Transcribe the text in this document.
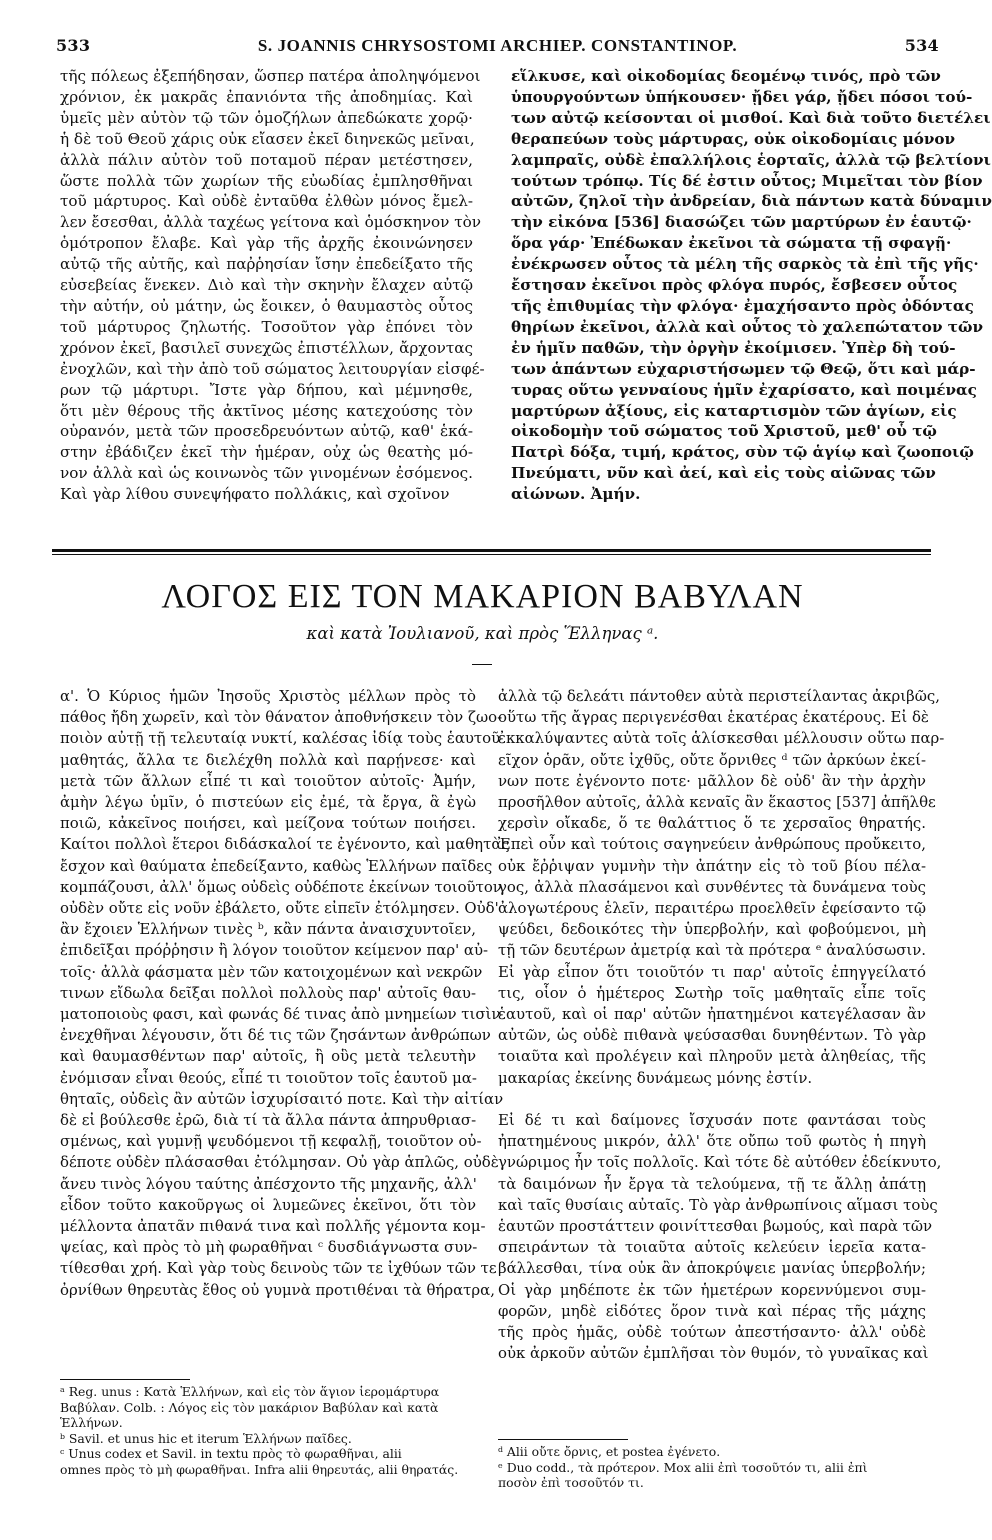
533	S. JOANNIS CHRYSOSTOMI ARCHIEP. CONSTANTINOP.	534
τῆς πόλεως ἐξεπήδησαν, ὥσπερ πατέρα ἀποληψόμενοι
χρόνιον, ἐκ μακρᾶς ἐπανιόντα τῆς ἀποδημίας. Καὶ
ὑμεῖς μὲν αὐτὸν τῷ τῶν ὁμοζήλων ἀπεδώκατε χορῷ·
ἡ δὲ τοῦ Θεοῦ χάρις οὐκ εἴασεν ἐκεῖ διηνεκῶς μεῖναι,
ἀλλὰ πάλιν αὐτὸν τοῦ ποταμοῦ πέραν μετέστησεν,
ὥστε πολλὰ τῶν χωρίων τῆς εὐωδίας ἐμπλησθῆναι
τοῦ μάρτυρος. Καὶ οὐδὲ ἐνταῦθα ἐλθὼν μόνος ἔμελ-
λεν ἔσεσθαι, ἀλλὰ ταχέως γείτονα καὶ ὁμόσκηνον τὸν
ὁμότροπον ἔλαβε. Καὶ γὰρ τῆς ἀρχῆς ἐκοινώνησεν
αὐτῷ τῆς αὐτῆς, καὶ παῤῥησίαν ἴσην ἐπεδείξατο τῆς
εὐσεβείας ἕνεκεν. Διὸ καὶ τὴν σκηνὴν ἔλαχεν αὐτῷ
τὴν αὐτήν, οὐ μάτην, ὡς ἔοικεν, ὁ θαυμαστὸς οὗτος
τοῦ μάρτυρος ζηλωτής. Τοσοῦτον γὰρ ἐπόνει τὸν
χρόνον ἐκεῖ, βασιλεῖ συνεχῶς ἐπιστέλλων, ἄρχοντας
ἐνοχλῶν, καὶ τὴν ἀπὸ τοῦ σώματος λειτουργίαν εἰσφέ-
ρων τῷ μάρτυρι. Ἴστε γὰρ δήπου, καὶ μέμνησθε,
ὅτι μὲν θέρους τῆς ἀκτῖνος μέσης κατεχούσης τὸν
οὐρανόν, μετὰ τῶν προσεδρευόντων αὐτῷ, καθ' ἑκά-
στην ἐβάδιζεν ἐκεῖ τὴν ἡμέραν, οὐχ ὡς θεατὴς μό-
νον ἀλλὰ καὶ ὡς κοινωνὸς τῶν γινομένων ἐσόμενος.
Καὶ γὰρ λίθου συνεψήφατο πολλάκις, καὶ σχοῖνον
εἵλκυσε, καὶ οἰκοδομίας δεομένῳ τινός, πρὸ τῶν
ὑπουργούντων ὑπήκουσεν· ᾔδει γάρ, ᾔδει πόσοι τού-
των αὐτῷ κείσονται οἱ μισθοί. Καὶ διὰ τοῦτο διετέλει
θεραπεύων τοὺς μάρτυρας, οὐκ οἰκοδομίαις μόνον
λαμπραῖς, οὐδὲ ἐπαλλήλοις ἑορταῖς, ἀλλὰ τῷ βελτίονι
τούτων τρόπῳ. Τίς δέ ἐστιν οὗτος; Μιμεῖται τὸν βίον
αὐτῶν, ζηλοῖ τὴν ἀνδρείαν, διὰ πάντων κατὰ δύναμιν
τὴν εἰκόνα [536] διασώζει τῶν μαρτύρων ἐν ἑαυτῷ·
ὅρα γάρ· Ἐπέδωκαν ἐκεῖνοι τὰ σώματα τῇ σφαγῇ·
ἐνέκρωσεν οὗτος τὰ μέλη τῆς σαρκὸς τὰ ἐπὶ τῆς γῆς·
ἔστησαν ἐκεῖνοι πρὸς φλόγα πυρός, ἔσβεσεν οὗτος
τῆς ἐπιθυμίας τὴν φλόγα· ἐμαχήσαντο πρὸς ὀδόντας
θηρίων ἐκεῖνοι, ἀλλὰ καὶ οὗτος τὸ χαλεπώτατον τῶν
ἐν ἡμῖν παθῶν, τὴν ὀργὴν ἐκοίμισεν. Ὑπὲρ δὴ τού-
των ἁπάντων εὐχαριστήσωμεν τῷ Θεῷ, ὅτι καὶ μάρ-
τυρας οὕτω γενναίους ἡμῖν ἐχαρίσατο, καὶ ποιμένας
μαρτύρων ἀξίους, εἰς καταρτισμὸν τῶν ἁγίων, εἰς
οἰκοδομὴν τοῦ σώματος τοῦ Χριστοῦ, μεθ' οὗ τῷ
Πατρὶ δόξα, τιμή, κράτος, σὺν τῷ ἁγίῳ καὶ ζωοποιῷ
Πνεύματι, νῦν καὶ ἀεί, καὶ εἰς τοὺς αἰῶνας τῶν
αἰώνων. Ἀμήν.
ΛΟΓΟΣ ΕΙΣ ΤΟΝ ΜΑΚΑΡΙΟΝ ΒΑΒΥΛΑΝ
καὶ κατὰ Ἰουλιανοῦ, καὶ πρὸς Ἕλληνας ᵃ.
α'. Ὁ Κύριος ἡμῶν Ἰησοῦς Χριστὸς μέλλων πρὸς τὸ
πάθος ἤδη χωρεῖν, καὶ τὸν θάνατον ἀποθνήσκειν τὸν ζωο-
ποιὸν αὐτῇ τῇ τελευταίᾳ νυκτί, καλέσας ἰδίᾳ τοὺς ἑαυτοῦ
μαθητάς, ἄλλα τε διελέχθη πολλὰ καὶ παρῄνεσε· καὶ
μετὰ τῶν ἄλλων εἶπέ τι καὶ τοιοῦτον αὐτοῖς· Ἀμήν,
ἀμὴν λέγω ὑμῖν, ὁ πιστεύων εἰς ἐμέ, τὰ ἔργα, ἃ ἐγὼ
ποιῶ, κἀκεῖνος ποιήσει, καὶ μείζονα τούτων ποιήσει.
Καίτοι πολλοὶ ἕτεροι διδάσκαλοί τε ἐγένοντο, καὶ μαθητὰς
ἔσχον καὶ θαύματα ἐπεδείξαντο, καθὼς Ἑλλήνων παῖδες
κομπάζουσι, ἀλλ' ὅμως οὐδεὶς οὐδέποτε ἐκείνων τοιοῦτον
οὐδὲν οὔτε εἰς νοῦν ἐβάλετο, οὔτε εἰπεῖν ἐτόλμησεν. Οὐδ'
ἂν ἔχοιεν Ἑλλήνων τινὲς ᵇ, κἂν πάντα ἀναισχυντοῖεν,
ἐπιδεῖξαι πρόῤῥησιν ἢ λόγον τοιοῦτον κείμενον παρ' αὐ-
τοῖς· ἀλλὰ φάσματα μὲν τῶν κατοιχομένων καὶ νεκρῶν
τινων εἴδωλα δεῖξαι πολλοὶ πολλοὺς παρ' αὐτοῖς θαυ-
ματοποιοὺς φασι, καὶ φωνάς δέ τινας ἀπὸ μνημείων τισὶν
ἐνεχθῆναι λέγουσιν, ὅτι δέ τις τῶν ζησάντων ἀνθρώπων
καὶ θαυμασθέντων παρ' αὐτοῖς, ἢ οὓς μετὰ τελευτὴν
ἐνόμισαν εἶναι θεούς, εἶπέ τι τοιοῦτον τοῖς ἑαυτοῦ μα-
θηταῖς, οὐδεὶς ἂν αὐτῶν ἰσχυρίσαιτό ποτε. Καὶ τὴν αἰτίαν
δὲ εἰ βούλεσθε ἐρῶ, διὰ τί τὰ ἄλλα πάντα ἀπηρυθριασ-
σμένως, καὶ γυμνῇ ψευδόμενοι τῇ κεφαλῇ, τοιοῦτον οὐ-
δέποτε οὐδὲν πλάσασθαι ἐτόλμησαν. Οὐ γὰρ ἁπλῶς, οὐδὲ
ἄνευ τινὸς λόγου ταύτης ἀπέσχοντο τῆς μηχανῆς, ἀλλ'
εἶδον τοῦτο κακοῦργως οἱ λυμεῶνες ἐκεῖνοι, ὅτι τὸν
μέλλοντα ἀπατᾶν πιθανά τινα καὶ πολλῆς γέμοντα κομ-
ψείας, καὶ πρὸς τὸ μὴ φωραθῆναι ᶜ δυσδιάγνωστα συν-
τίθεσθαι χρή. Καὶ γὰρ τοὺς δεινοὺς τῶν τε ἰχθύων τῶν τε
ὀρνίθων θηρευτὰς ἔθος οὐ γυμνὰ προτιθέναι τὰ θήρατρα,
ἀλλὰ τῷ δελεάτι πάντοθεν αὐτὰ περιστείλαντας ἀκριβῶς,
οὕτω τῆς ἄγρας περιγενέσθαι ἑκατέρας ἑκατέρους. Εἰ δὲ
ἐκκαλύψαντες αὐτὰ τοῖς ἁλίσκεσθαι μέλλουσιν οὕτω παρ-
εῖχον ὁρᾶν, οὔτε ἰχθῦς, οὔτε ὄρνιθες ᵈ τῶν ἀρκύων ἐκεί-
νων ποτε ἐγένοντο ποτε· μᾶλλον δὲ οὐδ' ἂν τὴν ἀρχὴν
προσῆλθον αὐτοῖς, ἀλλὰ κεναῖς ἂν ἕκαστος [537] ἀπῆλθε
χερσὶν οἴκαδε, ὅ τε θαλάττιος ὅ τε χερσαῖος θηρατής.
Ἐπεὶ οὖν καὶ τούτοις σαγηνεύειν ἀνθρώπους προὔκειτο,
οὐκ ἔῤῥιψαν γυμνὴν τὴν ἀπάτην εἰς τὸ τοῦ βίου πέλα-
γος, ἀλλὰ πλασάμενοι καὶ συνθέντες τὰ δυνάμενα τοὺς
ἀλογωτέρους ἑλεῖν, περαιτέρω προελθεῖν ἐφείσαντο τῷ
ψεύδει, δεδοικότες τὴν ὑπερβολήν, καὶ φοβούμενοι, μὴ
τῇ τῶν δευτέρων ἀμετρίᾳ καὶ τὰ πρότερα ᵉ ἀναλύσωσιν.
Εἰ γὰρ εἶπον ὅτι τοιοῦτόν τι παρ' αὐτοῖς ἐπηγγείλατό
τις, οἷον ὁ ἡμέτερος Σωτὴρ τοῖς μαθηταῖς εἶπε τοῖς
ἑαυτοῦ, καὶ οἱ παρ' αὐτῶν ἠπατημένοι κατεγέλασαν ἂν
αὐτῶν, ὡς οὐδὲ πιθανὰ ψεύσασθαι δυνηθέντων. Τὸ γὰρ
τοιαῦτα καὶ προλέγειν καὶ πληροῦν μετὰ ἀληθείας, τῆς
μακαρίας ἐκείνης δυνάμεως μόνης ἐστίν.

Εἰ δέ τι καὶ δαίμονες ἴσχυσάν ποτε φαντάσαι τοὺς
ἠπατημένους μικρόν, ἀλλ' ὅτε οὔπω τοῦ φωτὸς ἡ πηγὴ
γνώριμος ἦν τοῖς πολλοῖς. Καὶ τότε δὲ αὐτόθεν ἐδείκνυτο,
τὰ δαιμόνων ἦν ἔργα τὰ τελούμενα, τῇ τε ἄλλῃ ἀπάτῃ
καὶ ταῖς θυσίαις αὐταῖς. Τὸ γὰρ ἀνθρωπίνοις αἵμασι τοὺς
ἑαυτῶν προστάττειν φοινίττεσθαι βωμούς, καὶ παρὰ τῶν
σπειράντων τὰ τοιαῦτα αὐτοῖς κελεύειν ἱερεῖα κατα-
βάλλεσθαι, τίνα οὐκ ἂν ἀποκρύψειε μανίας ὑπερβολήν;
Οἱ γὰρ μηδέποτε ἐκ τῶν ἡμετέρων κορεννύμενοι συμ-
φορῶν, μηδὲ εἰδότες ὅρον τινὰ καὶ πέρας τῆς μάχης
τῆς πρὸς ἡμᾶς, οὐδὲ τούτων ἀπεστήσαντο· ἀλλ' οὐδὲ
οὐκ ἀρκοῦν αὐτῶν ἐμπλῆσαι τὸν θυμόν, τὸ γυναῖκας καὶ
ᵃ Reg. unus : Κατὰ Ἑλλήνων, καὶ εἰς τὸν ἅγιον ἱερομάρτυρα
Βαβύλαν. Colb. : Λόγος εἰς τὸν μακάριον Βαβύλαν καὶ κατὰ
Ἑλλήνων.
ᵇ Savil. et unus hic et iterum Ἑλλήνων παῖδες.
ᶜ Unus codex et Savil. in textu πρὸς τὸ φωραθῆναι, alii
omnes πρὸς τὸ μὴ φωραθῆναι. Infra alii θηρευτάς, alii θηρατάς.
ᵈ Alii οὔτε ὄρνις, et postea ἐγένετο.
ᵉ Duo codd., τὰ πρότερον. Mox alii ἐπὶ τοσοῦτόν τι, alii ἐπὶ
ποσὸν ἐπὶ τοσοῦτόν τι.
